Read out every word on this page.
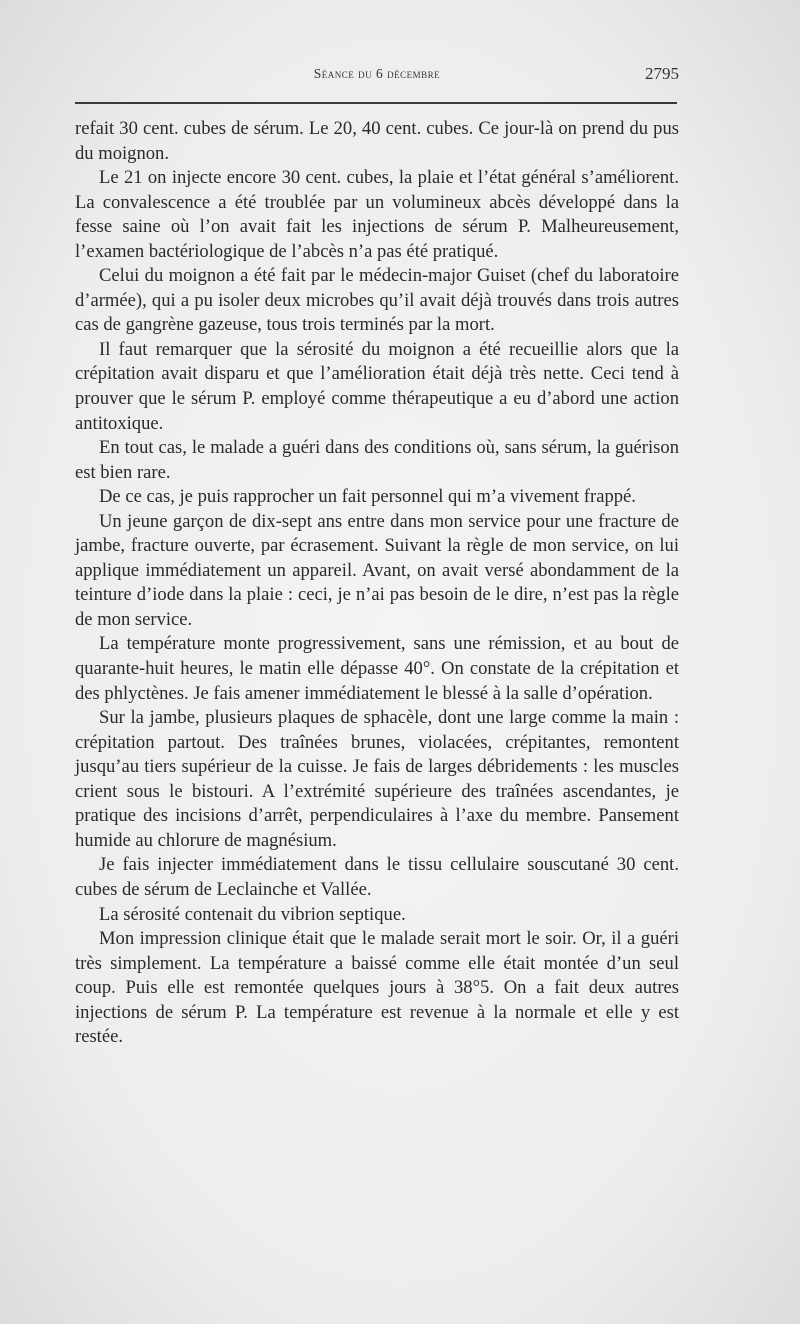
Séance du 6 décembre	2795

refait 30 cent. cubes de sérum. Le 20, 40 cent. cubes. Ce jour-là on prend du pus du moignon.

Le 21 on injecte encore 30 cent. cubes, la plaie et l’état général s’améliorent. La convalescence a été troublée par un volumineux abcès développé dans la fesse saine où l’on avait fait les injections de sérum P. Malheureusement, l’examen bactériologique de l’abcès n’a pas été pratiqué.

Celui du moignon a été fait par le médecin-major Guiset (chef du laboratoire d’armée), qui a pu isoler deux microbes qu’il avait déjà trouvés dans trois autres cas de gangrène gazeuse, tous trois terminés par la mort.

Il faut remarquer que la sérosité du moignon a été recueillie alors que la crépitation avait disparu et que l’amélioration était déjà très nette. Ceci tend à prouver que le sérum P. employé comme thérapeutique a eu d’abord une action antitoxique.

En tout cas, le malade a guéri dans des conditions où, sans sérum, la guérison est bien rare.

De ce cas, je puis rapprocher un fait personnel qui m’a vivement frappé.

Un jeune garçon de dix-sept ans entre dans mon service pour une fracture de jambe, fracture ouverte, par écrasement. Suivant la règle de mon service, on lui applique immédiatement un appareil. Avant, on avait versé abondamment de la teinture d’iode dans la plaie : ceci, je n’ai pas besoin de le dire, n’est pas la règle de mon service.

La température monte progressivement, sans une rémission, et au bout de quarante-huit heures, le matin elle dépasse 40°. On constate de la crépitation et des phlyctènes. Je fais amener immédiatement le blessé à la salle d’opération.

Sur la jambe, plusieurs plaques de sphacèle, dont une large comme la main : crépitation partout. Des traînées brunes, violacées, crépitantes, remontent jusqu’au tiers supérieur de la cuisse. Je fais de larges débridements : les muscles crient sous le bistouri. A l’extrémité supérieure des traînées ascendantes, je pratique des incisions d’arrêt, perpendiculaires à l’axe du membre. Pansement humide au chlorure de magnésium.

Je fais injecter immédiatement dans le tissu cellulaire souscutané 30 cent. cubes de sérum de Leclainche et Vallée.

La sérosité contenait du vibrion septique.

Mon impression clinique était que le malade serait mort le soir. Or, il a guéri très simplement. La température a baissé comme elle était montée d’un seul coup. Puis elle est remontée quelques jours à 38°5. On a fait deux autres injections de sérum P. La température est revenue à la normale et elle y est restée.
